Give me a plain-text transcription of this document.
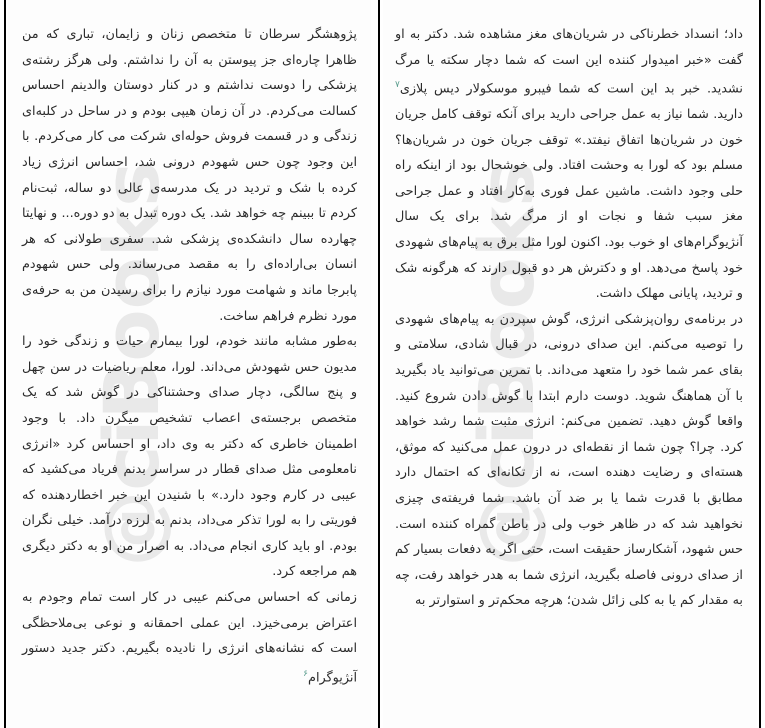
@ciBooks

پژوهشگر سرطان تا متخصص زنان و زایمان، تباری که من ظاهرا چاره‌ای جز پیوستن به آن را نداشتم. ولی هرگز رشته‌ی پزشکی را دوست نداشتم و در کنار دوستان والدینم احساس کسالت می‌کردم. در آن زمان هیپی بودم و در ساحل در کلبه‌ای زندگی و در قسمت فروش حوله‌ای شرکت می کار می‌کردم. با این وجود چون حس شهودم درونی شد، احساس انرژی زیاد کرده با شک و تردید در یک مدرسه‌ی عالی دو ساله، ثبت‌نام کردم تا ببینم چه خواهد شد. یک دوره تبدل به دو دوره... و نهایتا چهارده سال دانشکده‌ی پزشکی شد. سفری طولانی که هر انسان بی‌اراده‌ای را به مقصد می‌رساند. ولی حس شهودم پابرجا ماند و شهامت مورد نیازم را برای رسیدن من به حرفه‌ی مورد نظرم فراهم ساخت.

به‌طور مشابه مانند خودم، لورا بیمارم حیات و زندگی خود را مدیون حس شهودش می‌داند. لورا، معلم ریاضیات در سن چهل و پنج سالگی، دچار صدای وحشتناکی در گوش شد که یک متخصص برجسته‌ی اعصاب تشخیص میگرن داد. با وجود اطمینان خاطری که دکتر به وی داد، او احساس کرد «انرژی نامعلومی مثل صدای قطار در سراسر بدنم فریاد می‌کشید که عیبی در کارم وجود دارد.» با شنیدن این خبر اخطاردهنده که فوریتی را به لورا تذکر می‌داد، بدنم به لرزه درآمد. خیلی نگران بودم. او باید کاری انجام می‌داد. به اصرار من او به دکتر دیگری هم مراجعه کرد.

زمانی که احساس می‌کنم عیبی در کار است تمام وجودم به اعتراض برمی‌خیزد. این عملی احمقانه و نوعی بی‌ملاحظگی است که نشانه‌های انرژی را نادیده بگیریم. دکتر جدید دستور آنژیوگرام$^۶$

@ciBooks

داد؛ انسداد خطرناکی در شریان‌های مغز مشاهده شد. دکتر به او گفت «خبر امیدوار کننده این است که شما دچار سکته یا مرگ نشدید. خبر بد این است که شما فیبرو موسکولار دیس پلازی$^۷$ دارید. شما نیاز به عمل جراحی دارید برای آنکه توقف کامل جریان خون در شریان‌ها اتفاق نیفتد.» توقف جریان خون در شریان‌ها؟ مسلم بود که لورا به وحشت افتاد. ولی خوشحال بود از اینکه راه حلی وجود داشت. ماشین عمل فوری به‌کار افتاد و عمل جراحی مغز سبب شفا و نجات او از مرگ شد. برای یک سال آنژیوگرام‌های او خوب بود. اکنون لورا مثل برق به پیام‌های شهودی خود پاسخ می‌دهد. او و دکترش هر دو قبول دارند که هرگونه شک و تردید، پایانی مهلک داشت.

در برنامه‌ی روان‌پزشکی انرژی، گوش سپردن به پیام‌های شهودی را توصیه می‌کنم. این صدای درونی، در قبال شادی، سلامتی و بقای عمر شما خود را متعهد می‌داند. با تمرین می‌توانید یاد بگیرید با آن هماهنگ شوید. دوست دارم ابتدا با گوش دادن شروع کنید. واقعا گوش دهید. تضمین می‌کنم: انرژی مثبت شما رشد خواهد کرد. چرا؟ چون شما از نقطه‌ای در درون عمل می‌کنید که موثق، هسته‌ای و رضایت دهنده است، نه از تکانه‌ای که احتمال دارد مطابق با قدرت شما یا بر ضد آن باشد. شما فریفته‌ی چیزی نخواهید شد که در ظاهر خوب ولی در باطن گمراه کننده است. حس شهود، آشکارساز حقیقت است، حتی اگر به دفعات بسیار کم از صدای درونی فاصله بگیرید، انرژی شما به هدر خواهد رفت، چه به مقدار کم یا به کلی زائل شدن؛ هرچه محکم‌تر و استوارتر به
